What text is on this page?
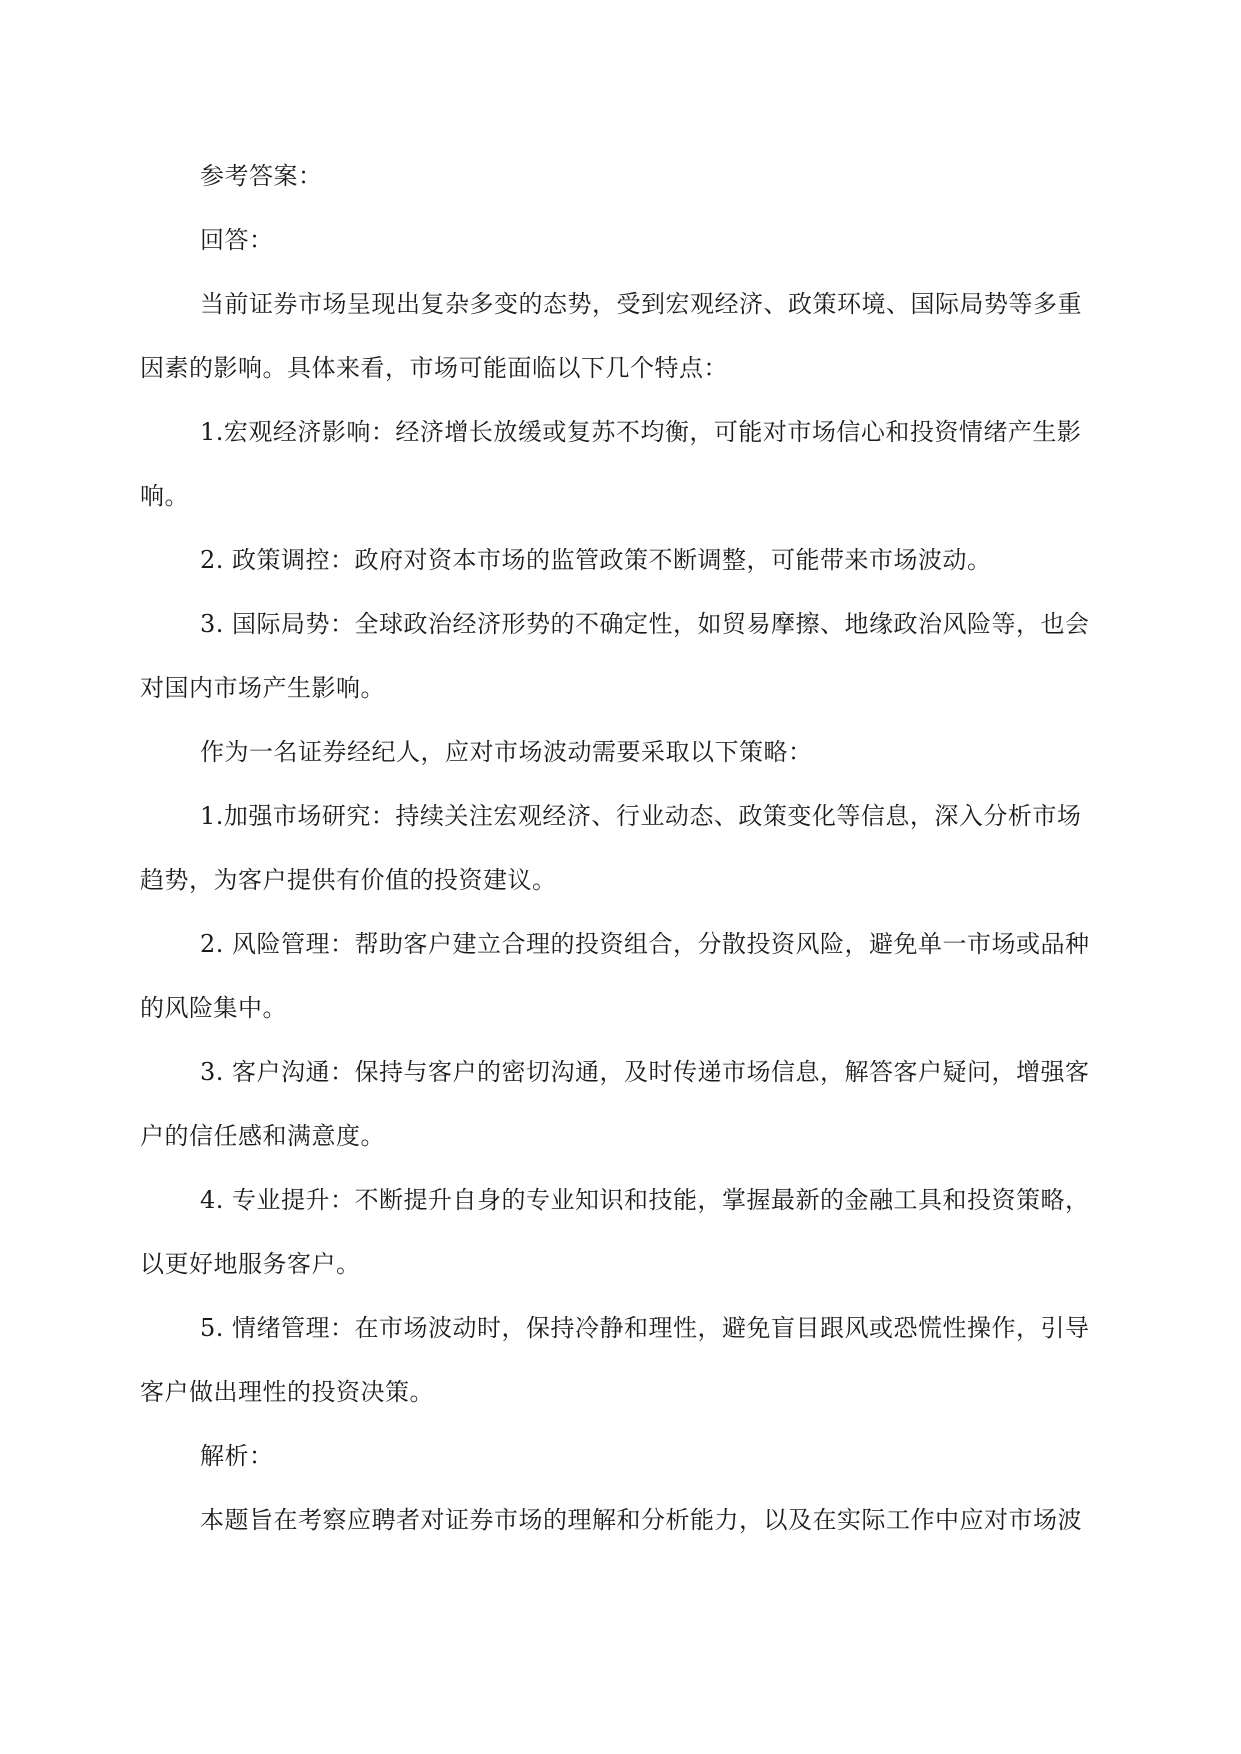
参考答案：
回答：
当前证券市场呈现出复杂多变的态势，受到宏观经济、政策环境、国际局势等多重
因素的影响。具体来看，市场可能面临以下几个特点：
1.宏观经济影响：经济增长放缓或复苏不均衡，可能对市场信心和投资情绪产生影
响。
2. 政策调控：政府对资本市场的监管政策不断调整，可能带来市场波动。
3. 国际局势：全球政治经济形势的不确定性，如贸易摩擦、地缘政治风险等，也会
对国内市场产生影响。
作为一名证券经纪人，应对市场波动需要采取以下策略：
1.加强市场研究：持续关注宏观经济、行业动态、政策变化等信息，深入分析市场
趋势，为客户提供有价值的投资建议。
2. 风险管理：帮助客户建立合理的投资组合，分散投资风险，避免单一市场或品种
的风险集中。
3. 客户沟通：保持与客户的密切沟通，及时传递市场信息，解答客户疑问，增强客
户的信任感和满意度。
4. 专业提升：不断提升自身的专业知识和技能，掌握最新的金融工具和投资策略，
以更好地服务客户。
5. 情绪管理：在市场波动时，保持冷静和理性，避免盲目跟风或恐慌性操作，引导
客户做出理性的投资决策。
解析：
本题旨在考察应聘者对证券市场的理解和分析能力，以及在实际工作中应对市场波
